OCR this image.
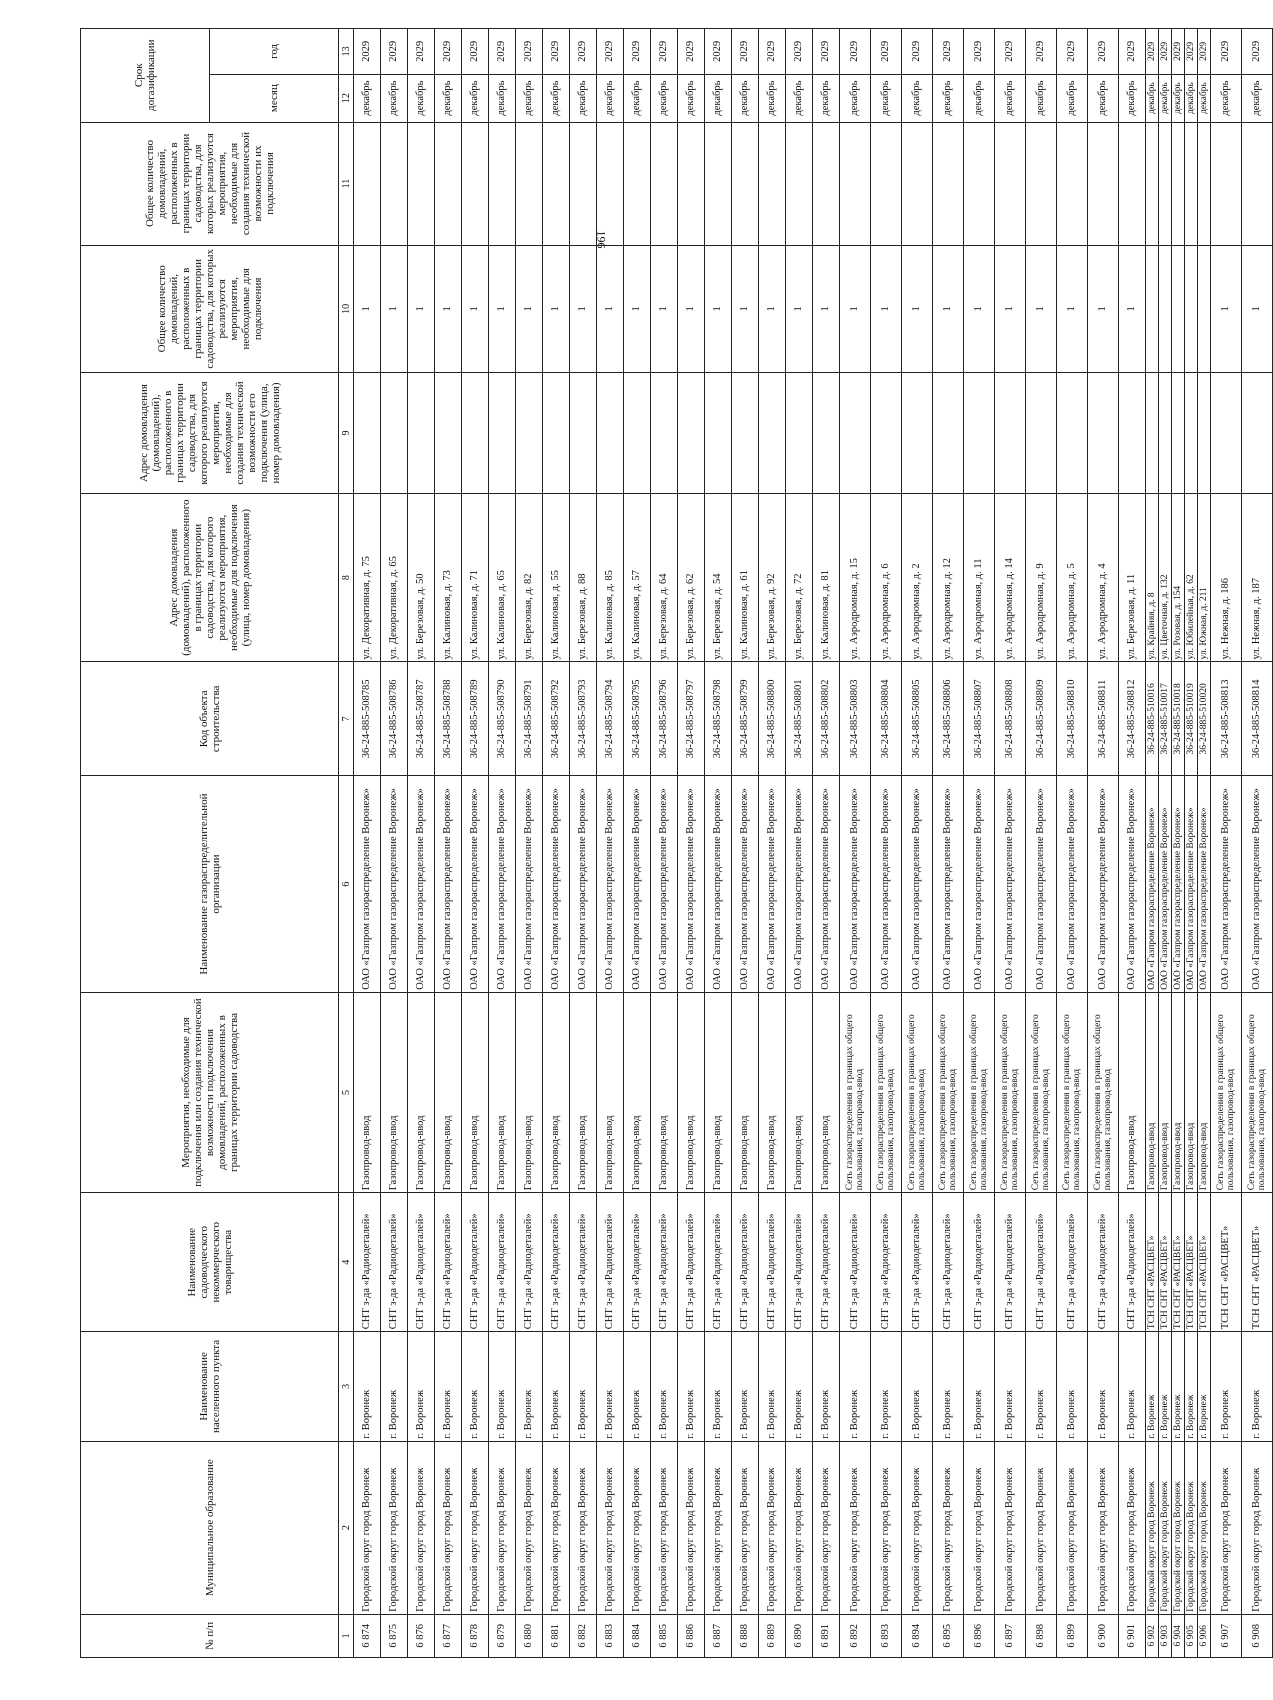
196
№ п/п	Муниципальное образование	Наименование населенного пункта	Наименование садоводческого некоммерческого товарищества	Мероприятия, необходимые для подключения или создания технической возможности подключения домовладений, расположенных в границах территории садоводства	Наименование газораспределительной организации	Код объекта строительства	Адрес домовладения (домовладений), расположенного в границах территории садоводства, для которого реализуются мероприятия, необходимые для подключения (улица, номер домовладения)	Адрес домовладения (домовладений), расположенного в границах территории садоводства, для которого реализуются мероприятия, необходимые для создания технической возможности его подключения (улица, номер домовладения)	Общее количество домовладений, расположенных в границах территории садоводства, для которых реализуются мероприятия, необходимые для подключения	Общее количество домовладений, расположенных в границах территории садоводства, для которых реализуются мероприятия, необходимые для создания технической возможности их подключения	Срок догазификации	
											месяц	год
1	2	3	4	5	6	7	8	9	10	11	12	13
6 874	Городской округ город Воронеж	г. Воронеж	СНТ з-да «Радиодеталей»	Газопровод-ввод	ОАО «Газпром газораспределение Воронеж»	36-24-885-508785	ул. Декоративная, д. 75		1		декабрь	2029
6 875	Городской округ город Воронеж	г. Воронеж	СНТ з-да «Радиодеталей»	Газопровод-ввод	ОАО «Газпром газораспределение Воронеж»	36-24-885-508786	ул. Декоративная, д. 65		1		декабрь	2029
6 876	Городской округ город Воронеж	г. Воронеж	СНТ з-да «Радиодеталей»	Газопровод-ввод	ОАО «Газпром газораспределение Воронеж»	36-24-885-508787	ул. Березовая, д. 50		1		декабрь	2029
6 877	Городской округ город Воронеж	г. Воронеж	СНТ з-да «Радиодеталей»	Газопровод-ввод	ОАО «Газпром газораспределение Воронеж»	36-24-885-508788	ул. Калиновая, д. 73		1		декабрь	2029
6 878	Городской округ город Воронеж	г. Воронеж	СНТ з-да «Радиодеталей»	Газопровод-ввод	ОАО «Газпром газораспределение Воронеж»	36-24-885-508789	ул. Калиновая, д. 71		1		декабрь	2029
6 879	Городской округ город Воронеж	г. Воронеж	СНТ з-да «Радиодеталей»	Газопровод-ввод	ОАО «Газпром газораспределение Воронеж»	36-24-885-508790	ул. Калиновая, д. 65		1		декабрь	2029
6 880	Городской округ город Воронеж	г. Воронеж	СНТ з-да «Радиодеталей»	Газопровод-ввод	ОАО «Газпром газораспределение Воронеж»	36-24-885-508791	ул. Березовая, д. 82		1		декабрь	2029
6 881	Городской округ город Воронеж	г. Воронеж	СНТ з-да «Радиодеталей»	Газопровод-ввод	ОАО «Газпром газораспределение Воронеж»	36-24-885-508792	ул. Калиновая, д. 55		1		декабрь	2029
6 882	Городской округ город Воронеж	г. Воронеж	СНТ з-да «Радиодеталей»	Газопровод-ввод	ОАО «Газпром газораспределение Воронеж»	36-24-885-508793	ул. Березовая, д. 88		1		декабрь	2029
6 883	Городской округ город Воронеж	г. Воронеж	СНТ з-да «Радиодеталей»	Газопровод-ввод	ОАО «Газпром газораспределение Воронеж»	36-24-885-508794	ул. Калиновая, д. 85		1		декабрь	2029
6 884	Городской округ город Воронеж	г. Воронеж	СНТ з-да «Радиодеталей»	Газопровод-ввод	ОАО «Газпром газораспределение Воронеж»	36-24-885-508795	ул. Калиновая, д. 57		1		декабрь	2029
6 885	Городской округ город Воронеж	г. Воронеж	СНТ з-да «Радиодеталей»	Газопровод-ввод	ОАО «Газпром газораспределение Воронеж»	36-24-885-508796	ул. Березовая, д. 64		1		декабрь	2029
6 886	Городской округ город Воронеж	г. Воронеж	СНТ з-да «Радиодеталей»	Газопровод-ввод	ОАО «Газпром газораспределение Воронеж»	36-24-885-508797	ул. Березовая, д. 62		1		декабрь	2029
6 887	Городской округ город Воронеж	г. Воронеж	СНТ з-да «Радиодеталей»	Газопровод-ввод	ОАО «Газпром газораспределение Воронеж»	36-24-885-508798	ул. Березовая, д. 54		1		декабрь	2029
6 888	Городской округ город Воронеж	г. Воронеж	СНТ з-да «Радиодеталей»	Газопровод-ввод	ОАО «Газпром газораспределение Воронеж»	36-24-885-508799	ул. Калиновая, д. 61		1		декабрь	2029
6 889	Городской округ город Воронеж	г. Воронеж	СНТ з-да «Радиодеталей»	Газопровод-ввод	ОАО «Газпром газораспределение Воронеж»	36-24-885-508800	ул. Березовая, д. 92		1		декабрь	2029
6 890	Городской округ город Воронеж	г. Воронеж	СНТ з-да «Радиодеталей»	Газопровод-ввод	ОАО «Газпром газораспределение Воронеж»	36-24-885-508801	ул. Березовая, д. 72		1		декабрь	2029
6 891	Городской округ город Воронеж	г. Воронеж	СНТ з-да «Радиодеталей»	Газопровод-ввод	ОАО «Газпром газораспределение Воронеж»	36-24-885-508802	ул. Калиновая, д. 81		1		декабрь	2029
6 892	Городской округ город Воронеж	г. Воронеж	СНТ з-да «Радиодеталей»	Сеть газораспределения в границах общего пользования, газопровод-ввод	ОАО «Газпром газораспределение Воронеж»	36-24-885-508803	ул. Аэродромная, д. 15		1		декабрь	2029
6 893	Городской округ город Воронеж	г. Воронеж	СНТ з-да «Радиодеталей»	Сеть газораспределения в границах общего пользования, газопровод-ввод	ОАО «Газпром газораспределение Воронеж»	36-24-885-508804	ул. Аэродромная, д. 6		1		декабрь	2029
6 894	Городской округ город Воронеж	г. Воронеж	СНТ з-да «Радиодеталей»	Сеть газораспределения в границах общего пользования, газопровод-ввод	ОАО «Газпром газораспределение Воронеж»	36-24-885-508805	ул. Аэродромная, д. 2		1		декабрь	2029
6 895	Городской округ город Воронеж	г. Воронеж	СНТ з-да «Радиодеталей»	Сеть газораспределения в границах общего пользования, газопровод-ввод	ОАО «Газпром газораспределение Воронеж»	36-24-885-508806	ул. Аэродромная, д. 12		1		декабрь	2029
6 896	Городской округ город Воронеж	г. Воронеж	СНТ з-да «Радиодеталей»	Сеть газораспределения в границах общего пользования, газопровод-ввод	ОАО «Газпром газораспределение Воронеж»	36-24-885-508807	ул. Аэродромная, д. 11		1		декабрь	2029
6 897	Городской округ город Воронеж	г. Воронеж	СНТ з-да «Радиодеталей»	Сеть газораспределения в границах общего пользования, газопровод-ввод	ОАО «Газпром газораспределение Воронеж»	36-24-885-508808	ул. Аэродромная, д. 14		1		декабрь	2029
6 898	Городской округ город Воронеж	г. Воронеж	СНТ з-да «Радиодеталей»	Сеть газораспределения в границах общего пользования, газопровод-ввод	ОАО «Газпром газораспределение Воронеж»	36-24-885-508809	ул. Аэродромная, д. 9		1		декабрь	2029
6 899	Городской округ город Воронеж	г. Воронеж	СНТ з-да «Радиодеталей»	Сеть газораспределения в границах общего пользования, газопровод-ввод	ОАО «Газпром газораспределение Воронеж»	36-24-885-508810	ул. Аэродромная, д. 5		1		декабрь	2029
6 900	Городской округ город Воронеж	г. Воронеж	СНТ з-да «Радиодеталей»	Сеть газораспределения в границах общего пользования, газопровод-ввод	ОАО «Газпром газораспределение Воронеж»	36-24-885-508811	ул. Аэродромная, д. 4		1		декабрь	2029
6 901	Городской округ город Воронеж	г. Воронеж	СНТ з-да «Радиодеталей»	Газопровод-ввод	ОАО «Газпром газораспределение Воронеж»	36-24-885-508812	ул. Березовая, д. 11		1		декабрь	2029
6 902	Городской округ город Воронеж	г. Воронеж	ТСН СНТ «РАСЦВЕТ»	Газопровод-ввод	ОАО «Газпром газораспределение Воронеж»	36-24-885-510016	ул. Крайняя, д. 8				декабрь	2029
6 903	Городской округ город Воронеж	г. Воронеж	ТСН СНТ «РАСЦВЕТ»	Газопровод-ввод	ОАО «Газпром газораспределение Воронеж»	36-24-885-510017	ул. Цветочная, д. 132				декабрь	2029
6 904	Городской округ город Воронеж	г. Воронеж	ТСН СНТ «РАСЦВЕТ»	Газопровод-ввод	ОАО «Газпром газораспределение Воронеж»	36-24-885-510018	ул. Розовая, д. 154				декабрь	2029
6 905	Городской округ город Воронеж	г. Воронеж	ТСН СНТ «РАСЦВЕТ»	Газопровод-ввод	ОАО «Газпром газораспределение Воронеж»	36-24-885-510019	ул. Юбилейная, д. 62				декабрь	2029
6 906	Городской округ город Воронеж	г. Воронеж	ТСН СНТ «РАСЦВЕТ»	Газопровод-ввод	ОАО «Газпром газораспределение Воронеж»	36-24-885-510020	ул. Южная, д. 211				декабрь	2029
6 907	Городской округ город Воронеж	г. Воронеж	ТСН СНТ «РАСЦВЕТ»	Сеть газораспределения в границах общего пользования, газопровод-ввод	ОАО «Газпром газораспределение Воронеж»	36-24-885-508813	ул. Нежная, д. 186		1		декабрь	2029
6 908	Городской округ город Воронеж	г. Воронеж	ТСН СНТ «РАСЦВЕТ»	Сеть газораспределения в границах общего пользования, газопровод-ввод	ОАО «Газпром газораспределение Воронеж»	36-24-885-508814	ул. Нежная, д. 187		1		декабрь	2029
